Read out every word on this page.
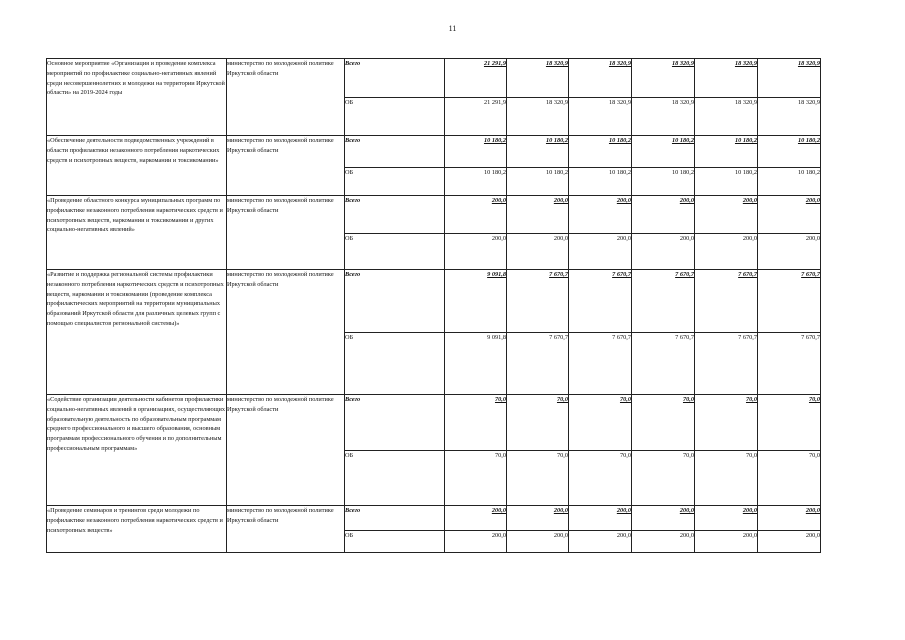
11
Основное мероприятие «Организация и проведение комплекса мероприятий по профилактике социально-негативных явлений среди несовершеннолетних и молодежи на территории Иркутской области» на 2019-2024 годы	министерство по молодежной политике Иркутской области	Всего	21 291,9	18 320,9	18 320,9	18 320,9	18 320,9	18 320,9
		ОБ	21 291,9	18 320,9	18 320,9	18 320,9	18 320,9	18 320,9
«Обеспечение деятельности подведомственных учреждений в области профилактики незаконного потребления наркотических средств и психотропных веществ, наркомании и токсикомании»	министерство по молодежной политике Иркутской области	Всего	10 180,2	10 180,2	10 180,2	10 180,2	10 180,2	10 180,2
		ОБ	10 180,2	10 180,2	10 180,2	10 180,2	10 180,2	10 180,2
«Проведение областного конкурса муниципальных программ по профилактике незаконного потребления наркотических средств и психотропных веществ, наркомании и токсикомании и других социально-негативных явлений»	министерство по молодежной политике Иркутской области	Всего	200,0	200,0	200,0	200,0	200,0	200,0
		ОБ	200,0	200,0	200,0	200,0	200,0	200,0
«Развитие и поддержка региональной системы профилактики незаконного потребления наркотических средств и психотропных веществ, наркомании и токсикомании (проведение комплекса профилактических мероприятий на территории муниципальных образований Иркутской области для различных целевых групп с помощью специалистов региональной системы)»	министерство по молодежной политике Иркутской области	Всего	9 091,8	7 670,7	7 670,7	7 670,7	7 670,7	7 670,7
		ОБ	9 091,8	7 670,7	7 670,7	7 670,7	7 670,7	7 670,7
«Содействие организации деятельности кабинетов профилактики социально-негативных явлений в организациях, осуществляющих образовательную деятельность по образовательным программам среднего профессионального и высшего образования, основным программам профессионального обучения и по дополнительным профессиональным программам»	министерство по молодежной политике Иркутской области	Всего	70,0	70,0	70,0	70,0	70,0	70,0
		ОБ	70,0	70,0	70,0	70,0	70,0	70,0
«Проведение семинаров и тренингов среди молодежи по профилактике незаконного потребления наркотических средств и психотропных веществ»	министерство по молодежной политике Иркутской области	Всего	200,0	200,0	200,0	200,0	200,0	200,0
		ОБ	200,0	200,0	200,0	200,0	200,0	200,0
